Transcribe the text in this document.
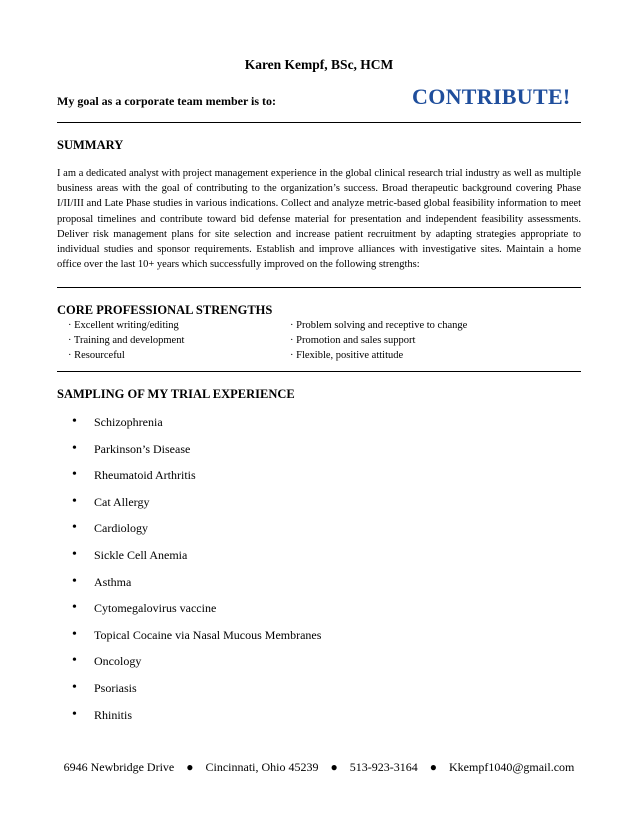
Karen Kempf, BSc, HCM
My goal as a corporate team member is to:	CONTRIBUTE!
SUMMARY
I am a dedicated analyst with project management experience in the global clinical research trial industry as well as multiple business areas with the goal of contributing to the organization’s success. Broad therapeutic background covering Phase I/II/III and Late Phase studies in various indications. Collect and analyze metric-based global feasibility information to meet proposal timelines and contribute toward bid defense material for presentation and independent feasibility assessments. Deliver risk management plans for site selection and increase patient recruitment by adapting strategies appropriate to individual studies and sponsor requirements. Establish and improve alliances with investigative sites. Maintain a home office over the last 10+ years which successfully improved on the following strengths:
CORE PROFESSIONAL STRENGTHS
· Excellent writing/editing
· Training and development
· Resourceful
· Problem solving and receptive to change
· Promotion and sales support
· Flexible, positive attitude
SAMPLING OF MY TRIAL EXPERIENCE
•	Schizophrenia
•	Parkinson’s Disease
•	Rheumatoid Arthritis
•	Cat Allergy
•	Cardiology
•	Sickle Cell Anemia
•	Asthma
•	Cytomegalovirus vaccine
•	Topical Cocaine via Nasal Mucous Membranes
•	Oncology
•	Psoriasis
•	Rhinitis
6946 Newbridge Drive ● Cincinnati, Ohio 45239 ● 513-923-3164 ● Kkempf1040@gmail.com
